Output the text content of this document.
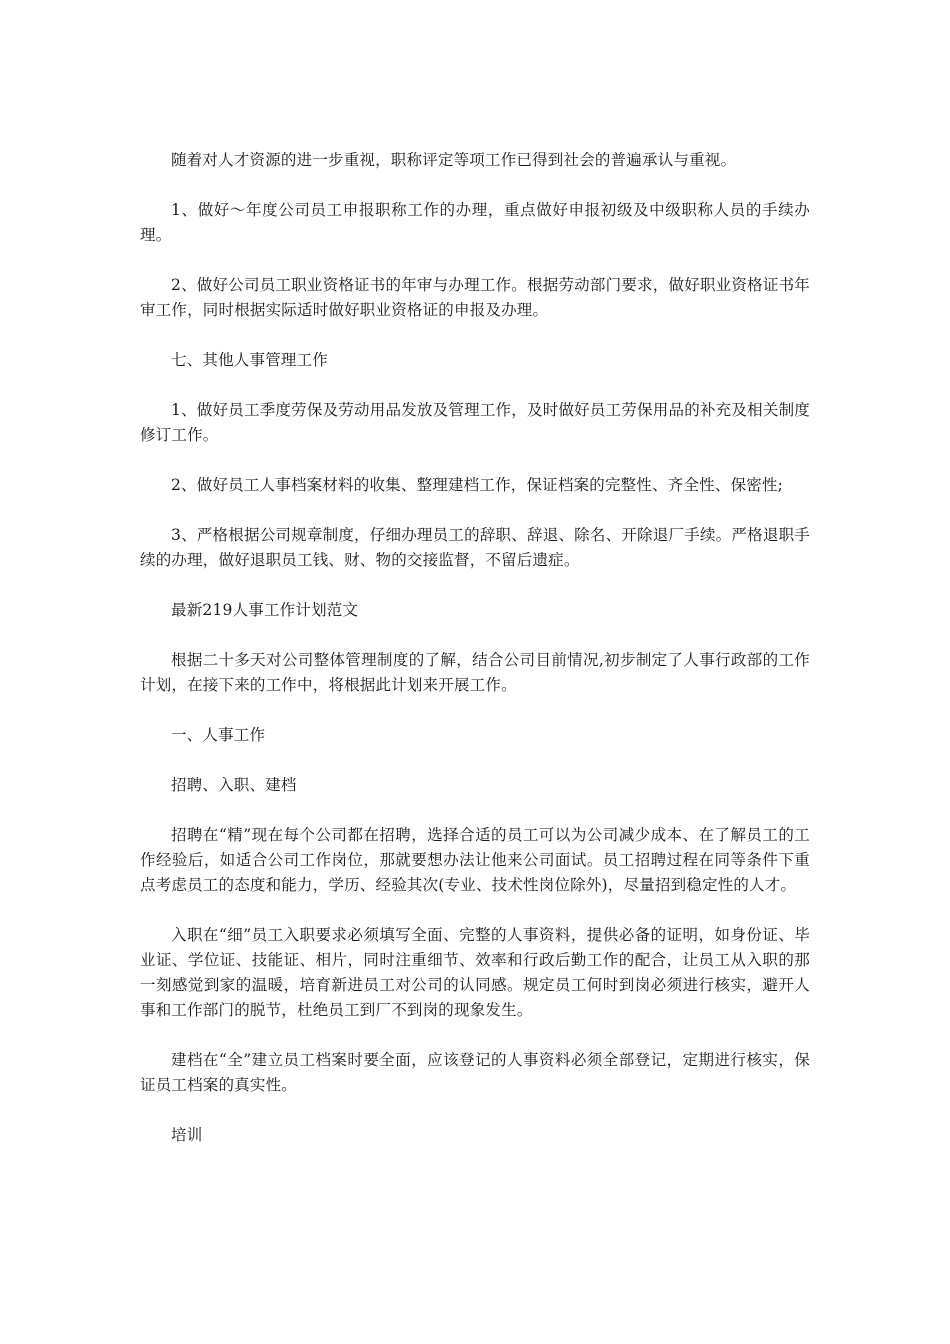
随着对人才资源的进一步重视，职称评定等项工作已得到社会的普遍承认与重视。

1、做好～年度公司员工申报职称工作的办理，重点做好申报初级及中级职称人员的手续办理。

2、做好公司员工职业资格证书的年审与办理工作。根据劳动部门要求，做好职业资格证书年审工作，同时根据实际适时做好职业资格证的申报及办理。

七、其他人事管理工作

1、做好员工季度劳保及劳动用品发放及管理工作，及时做好员工劳保用品的补充及相关制度修订工作。

2、做好员工人事档案材料的收集、整理建档工作，保证档案的完整性、齐全性、保密性;

3、严格根据公司规章制度，仔细办理员工的辞职、辞退、除名、开除退厂手续。严格退职手续的办理，做好退职员工钱、财、物的交接监督，不留后遗症。

最新219人事工作计划范文

根据二十多天对公司整体管理制度的了解，结合公司目前情况,初步制定了人事行政部的工作计划，在接下来的工作中，将根据此计划来开展工作。

一、人事工作

招聘、入职、建档

招聘在“精”现在每个公司都在招聘，选择合适的员工可以为公司减少成本、在了解员工的工作经验后，如适合公司工作岗位，那就要想办法让他来公司面试。员工招聘过程在同等条件下重点考虑员工的态度和能力，学历、经验其次(专业、技术性岗位除外)，尽量招到稳定性的人才。

入职在“细”员工入职要求必须填写全面、完整的人事资料，提供必备的证明，如身份证、毕业证、学位证、技能证、相片，同时注重细节、效率和行政后勤工作的配合，让员工从入职的那一刻感觉到家的温暖，培育新进员工对公司的认同感。规定员工何时到岗必须进行核实，避开人事和工作部门的脱节，杜绝员工到厂不到岗的现象发生。

建档在“全”建立员工档案时要全面，应该登记的人事资料必须全部登记，定期进行核实，保证员工档案的真实性。

培训
